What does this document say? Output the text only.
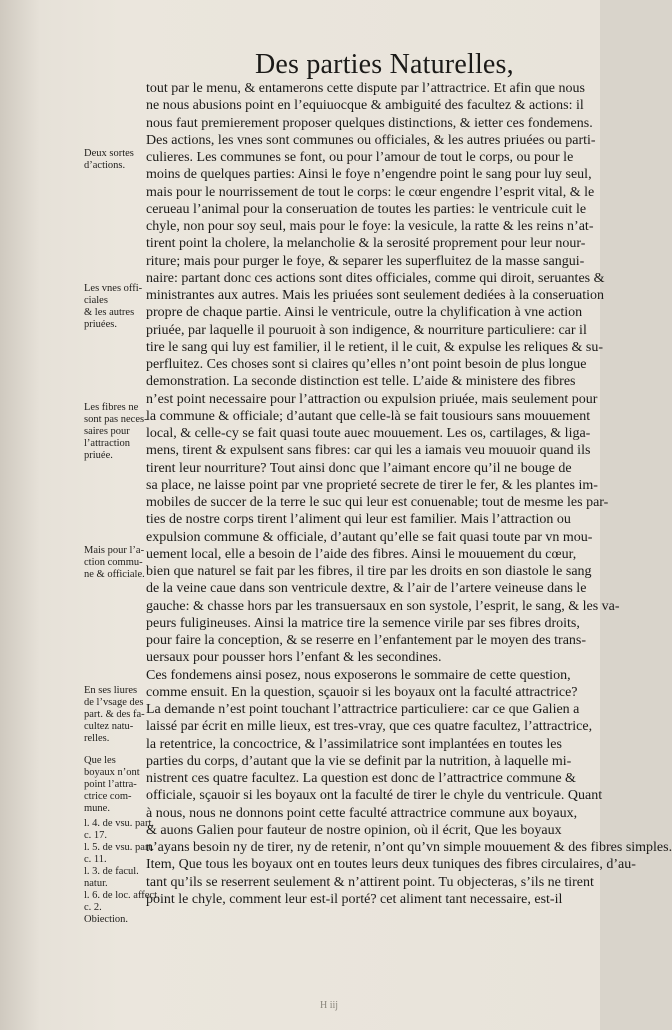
Des parties Naturelles,
tout par le menu, & entamerons cette dispute par l’attractrice. Et afin que nous
ne nous abusions point en l’equiuocque & ambiguité des facultez & actions: il
nous faut premierement proposer quelques distinctions, & ietter ces fondemens.
Des actions, les vnes sont communes ou officiales, & les autres priuées ou parti-
culieres. Les communes se font, ou pour l’amour de tout le corps, ou pour le
moins de quelques parties: Ainsi le foye n’engendre point le sang pour luy seul,
mais pour le nourrissement de tout le corps: le cœur engendre l’esprit vital, & le
cerueau l’animal pour la conseruation de toutes les parties: le ventricule cuit le
chyle, non pour soy seul, mais pour le foye: la vesicule, la ratte & les reins n’at-
tirent point la cholere, la melancholie & la serosité proprement pour leur nour-
riture; mais pour purger le foye, & separer les superfluitez de la masse sangui-
naire: partant donc ces actions sont dites officiales, comme qui diroit, seruantes &
ministrantes aux autres. Mais les priuées sont seulement dediées à la conseruation
propre de chaque partie. Ainsi le ventricule, outre la chylification à vne action
priuée, par laquelle il pouruoit à son indigence, & nourriture particuliere: car il
tire le sang qui luy est familier, il le retient, il le cuit, & expulse les reliques & su-
perfluitez. Ces choses sont si claires qu’elles n’ont point besoin de plus longue
demonstration. La seconde distinction est telle. L’aide & ministere des fibres
n’est point necessaire pour l’attraction ou expulsion priuée, mais seulement pour
la commune & officiale; d’autant que celle-là se fait tousiours sans mouuement
local, & celle-cy se fait quasi toute auec mouuement. Les os, cartilages, & liga-
mens, tirent & expulsent sans fibres: car qui les a iamais veu mouuoir quand ils
tirent leur nourriture? Tout ainsi donc que l’aimant encore qu’il ne bouge de
sa place, ne laisse point par vne proprieté secrete de tirer le fer, & les plantes im-
mobiles de succer de la terre le suc qui leur est conuenable; tout de mesme les par-
ties de nostre corps tirent l’aliment qui leur est familier. Mais l’attraction ou
expulsion commune & officiale, d’autant qu’elle se fait quasi toute par vn mou-
uement local, elle a besoin de l’aide des fibres. Ainsi le mouuement du cœur,
bien que naturel se fait par les fibres, il tire par les droits en son diastole le sang
de la veine caue dans son ventricule dextre, & l’air de l’artere veineuse dans le
gauche: & chasse hors par les transuersaux en son systole, l’esprit, le sang, & les va-
peurs fuligineuses. Ainsi la matrice tire la semence virile par ses fibres droits,
pour faire la conception, & se reserre en l’enfantement par le moyen des trans-
uersaux pour pousser hors l’enfant & les secondines.
Ces fondemens ainsi posez, nous exposerons le sommaire de cette question,
comme ensuit. En la question, sçauoir si les boyaux ont la faculté attractrice?
La demande n’est point touchant l’attractrice particuliere: car ce que Galien a
laissé par écrit en mille lieux, est tres-vray, que ces quatre facultez, l’attractrice,
la retentrice, la concoctrice, & l’assimilatrice sont implantées en toutes les
parties du corps, d’autant que la vie se definit par la nutrition, à laquelle mi-
nistrent ces quatre facultez. La question est donc de l’attractrice commune &
officiale, sçauoir si les boyaux ont la faculté de tirer le chyle du ventricule. Quant
à nous, nous ne donnons point cette faculté attractrice commune aux boyaux,
& auons Galien pour fauteur de nostre opinion, où il écrit, Que les boyaux
n’ayans besoin ny de tirer, ny de retenir, n’ont qu’vn simple mouuement & des fibres simples.
Item, Que tous les boyaux ont en toutes leurs deux tuniques des fibres circulaires, d’au-
tant qu’ils se reserrent seulement & n’attirent point. Tu objecteras, s’ils ne tirent
point le chyle, comment leur est-il porté? cet aliment tant necessaire, est-il
Deux sortes
d’actions.
Les vnes offi-
ciales
& les autres
priuées.
Les fibres ne
sont pas neces-
saires pour
l’attraction
priuée.
Mais pour l’a-
ction commu-
ne & officiale.
En ses liures
de l’vsage des
part. & des fa-
cultez natu-
relles.
Que les
boyaux n’ont
point l’attra-
ctrice com-
mune.
l. 4. de vsu. part.
c. 17.
l. 5. de vsu. part.
c. 11.
l. 3. de facul.
natur.
l. 6. de loc. affect.
c. 2.
Obiection.
H iij
